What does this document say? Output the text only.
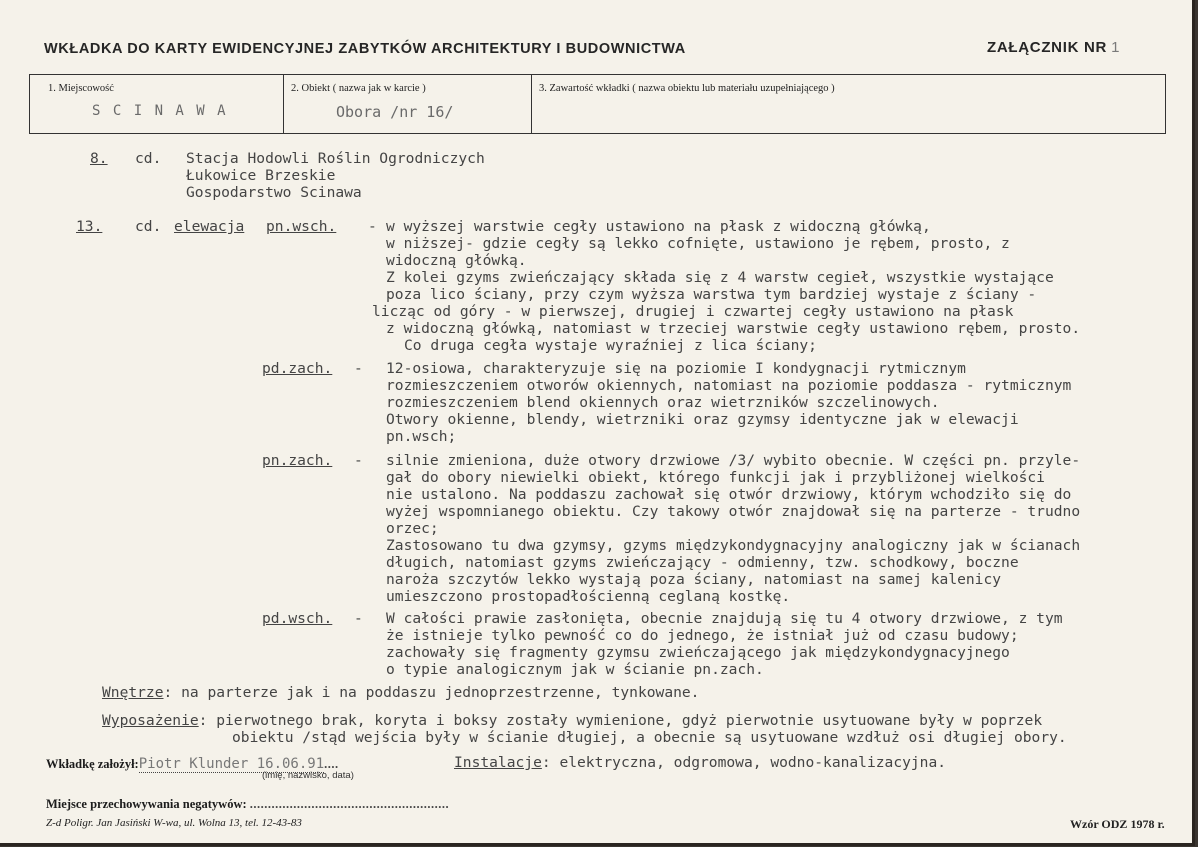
WKŁADKA DO KARTY EWIDENCYJNEJ ZABYTKÓW ARCHITEKTURY I BUDOWNICTWA	ZAŁĄCZNIK NR 1
1. Miejscowość
S C I N A W A
2. Obiekt ( nazwa jak w karcie )
Obora /nr 16/
3. Zawartość wkładki ( nazwa obiektu lub materiału uzupełniającego )
8. cd. Stacja Hodowli Roślin Ogrodniczych
Łukowice Brzeskie
Gospodarstwo Scinawa
13. cd. elewacja pn.wsch. - w wyższej warstwie cegły ustawiono na płask z widoczną główką,
w niższej- gdzie cegły są lekko cofnięte, ustawiono je rębem, prosto, z
widoczną główką.
Z kolei gzyms zwieńczający składa się z 4 warstw cegieł, wszystkie wystające
poza lico ściany, przy czym wyższa warstwa tym bardziej wystaje z ściany -
licząc od góry - w pierwszej, drugiej i czwartej cegły ustawiono na płask
z widoczną główką, natomiast w trzeciej warstwie cegły ustawiono rębem, prosto.
Co druga cegła wystaje wyraźniej z lica ściany;
pd.zach. - 12-osiowa, charakteryzuje się na poziomie I kondygnacji rytmicznym
rozmieszczeniem otworów okiennych, natomiast na poziomie poddasza - rytmicznym
rozmieszczeniem blend okiennych oraz wietrzników szczelinowych.
Otwory okienne, blendy, wietrzniki oraz gzymsy identyczne jak w elewacji
pn.wsch;
pn.zach. - silnie zmieniona, duże otwory drzwiowe /3/ wybito obecnie. W części pn. przyle-
gał do obory niewielki obiekt, którego funkcji jak i przybliżonej wielkości
nie ustalono. Na poddaszu zachował się otwór drzwiowy, którym wchodziło się do
wyżej wspomnianego obiektu. Czy takowy otwór znajdował się na parterze - trudno
orzec;
Zastosowano tu dwa gzymsy, gzyms międzykondygnacyjny analogiczny jak w ścianach
długich, natomiast gzyms zwieńczający - odmienny, tzw. schodkowy, boczne
naroża szczytów lekko wystają poza ściany, natomiast na samej kalenicy
umieszczono prostopadłościenną ceglaną kostkę.
pd.wsch. - W całości prawie zasłonięta, obecnie znajdują się tu 4 otwory drzwiowe, z tym
że istnieje tylko pewność co do jednego, że istniał już od czasu budowy;
zachowały się fragmenty gzymsu zwieńczającego jak międzykondygnacyjnego
o typie analogicznym jak w ścianie pn.zach.
Wnętrze: na parterze jak i na poddaszu jednoprzestrzenne, tynkowane.
Wyposażenie: pierwotnego brak, koryta i boksy zostały wymienione, gdyż pierwotnie usytuowane były w poprzek
obiektu /stąd wejścia były w ścianie długiej, a obecnie są usytuowane wzdłuż osi długiej obory.
Wkładkę założył:Piotr Klunder 16.06.91....
(imię, nazwisko, data)
Instalacje: elektryczna, odgromowa, wodno-kanalizacyjna.
Miejsce przechowywania negatywów: .......................................................
Z-d Poligr. Jan Jasiński W-wa, ul. Wolna 13, tel. 12-43-83	Wzór ODZ 1978 r.
